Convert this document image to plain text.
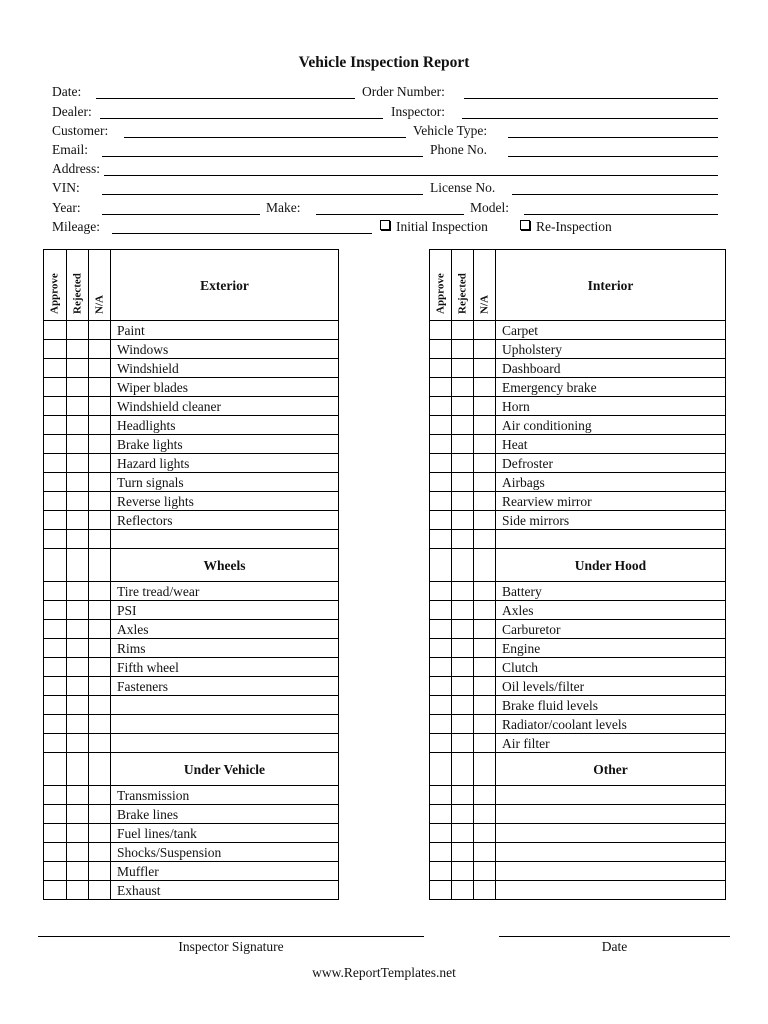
Vehicle Inspection Report
Date:	Order Number:
Dealer:	Inspector:
Customer:	Vehicle Type:
Email:	Phone No.
Address:
VIN:	License No.
Year:	Make:	Model:
Mileage:	Initial Inspection	Re-Inspection
Approve	Rejected	N/A	Exterior
			Paint
			Windows
			Windshield
			Wiper blades
			Windshield cleaner
			Headlights
			Brake lights
			Hazard lights
			Turn signals
			Reverse lights
			Reflectors

			Wheels
			Tire tread/wear
			PSI
			Axles
			Rims
			Fifth wheel
			Fasteners

			Under Vehicle
			Transmission
			Brake lines
			Fuel lines/tank
			Shocks/Suspension
			Muffler
			Exhaust
Approve	Rejected	N/A	Interior
			Carpet
			Upholstery
			Dashboard
			Emergency brake
			Horn
			Air conditioning
			Heat
			Defroster
			Airbags
			Rearview mirror
			Side mirrors

			Under Hood
			Battery
			Axles
			Carburetor
			Engine
			Clutch
			Oil levels/filter
			Brake fluid levels
			Radiator/coolant levels
			Air filter
			Other

Inspector Signature	Date
www.ReportTemplates.net
